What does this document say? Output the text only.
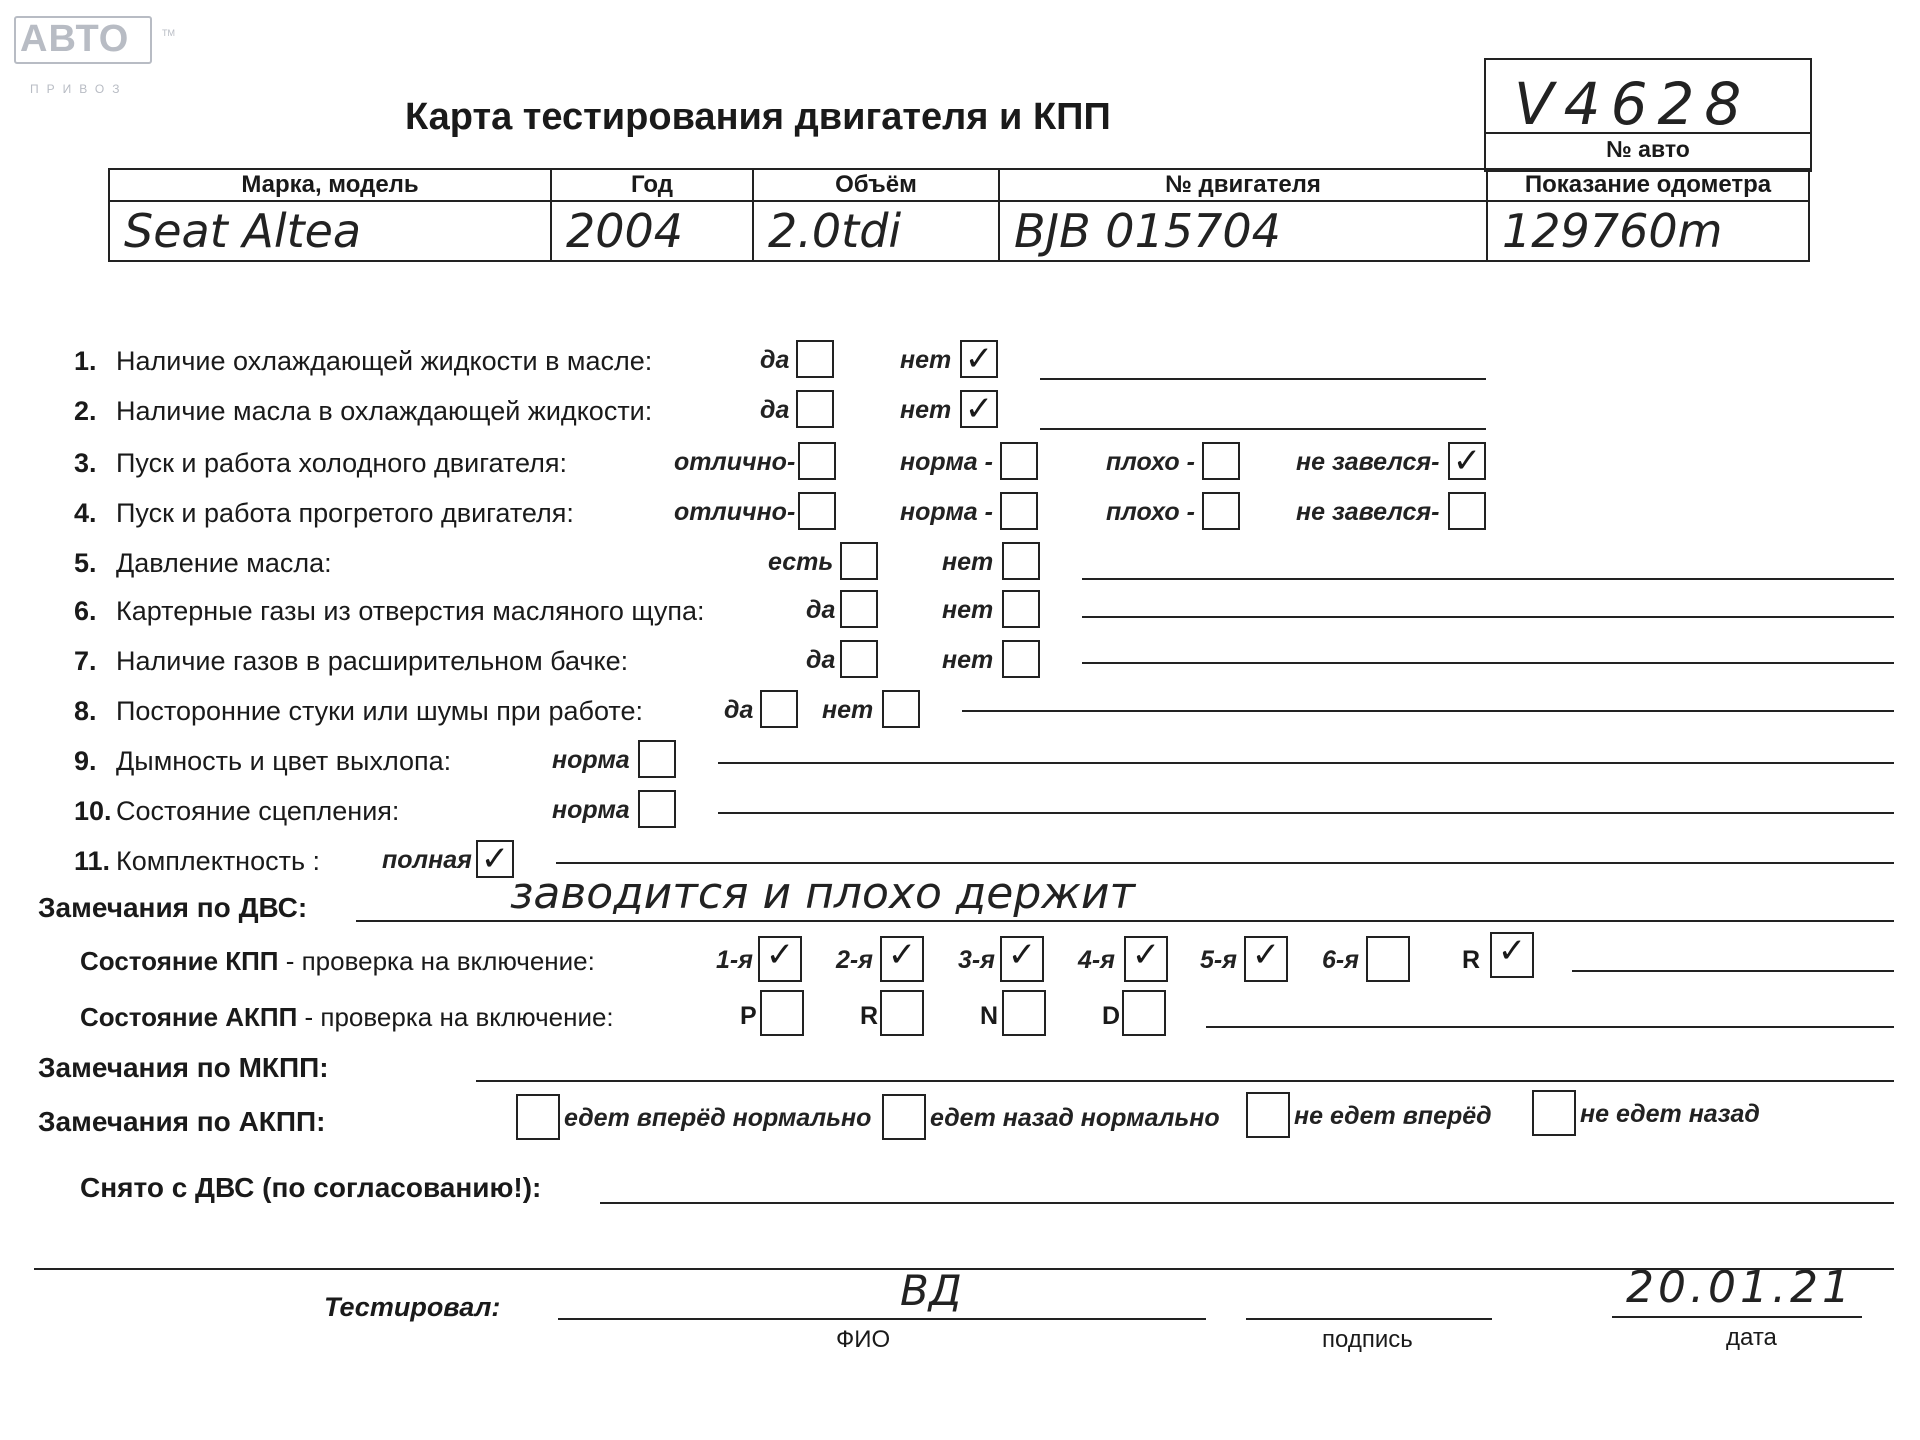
АВТО
ПРИВОЗ
TM
Карта тестирования двигателя и КПП	V4628
№ авто
Марка, модель	Год	Объём	№ двигателя	Показание одометра
Seat Altea	2004	2.0tdi	BJB 015704	129760m
1. Наличие охлаждающей жидкости в масле:	да	нет ✓
2. Наличие масла в охлаждающей жидкости:	да	нет ✓
3. Пуск и работа холодного двигателя:	отлично-	норма -	плохо -	не завелся- ✓
4. Пуск и работа прогретого двигателя:	отлично-	норма -	плохо -	не завелся-
5. Давление масла:	есть	нет
6. Картерные газы из отверстия масляного щупа:	да	нет
7. Наличие газов в расширительном бачке:	да	нет
8. Посторонние стуки или шумы при работе:	да	нет
9. Дымность и цвет выхлопа:	норма
10. Состояние сцепления:	норма
11. Комплектность : полная ✓
Замечания по ДВС:	заводится и плохо держит
Состояние КПП - проверка на включение:	1-я ✓	2-я ✓	3-я ✓	4-я ✓	5-я ✓	6-я	R ✓
Состояние АКПП - проверка на включение:	P	R	N	D
Замечания по МКПП:
Замечания по АКПП:	едет вперёд нормально едет назад нормально	не едет вперёд	не едет назад
Снято с ДВС (по согласованию!):
Тестировал:	ВД	20.01.21
ФИО	подпись	дата
